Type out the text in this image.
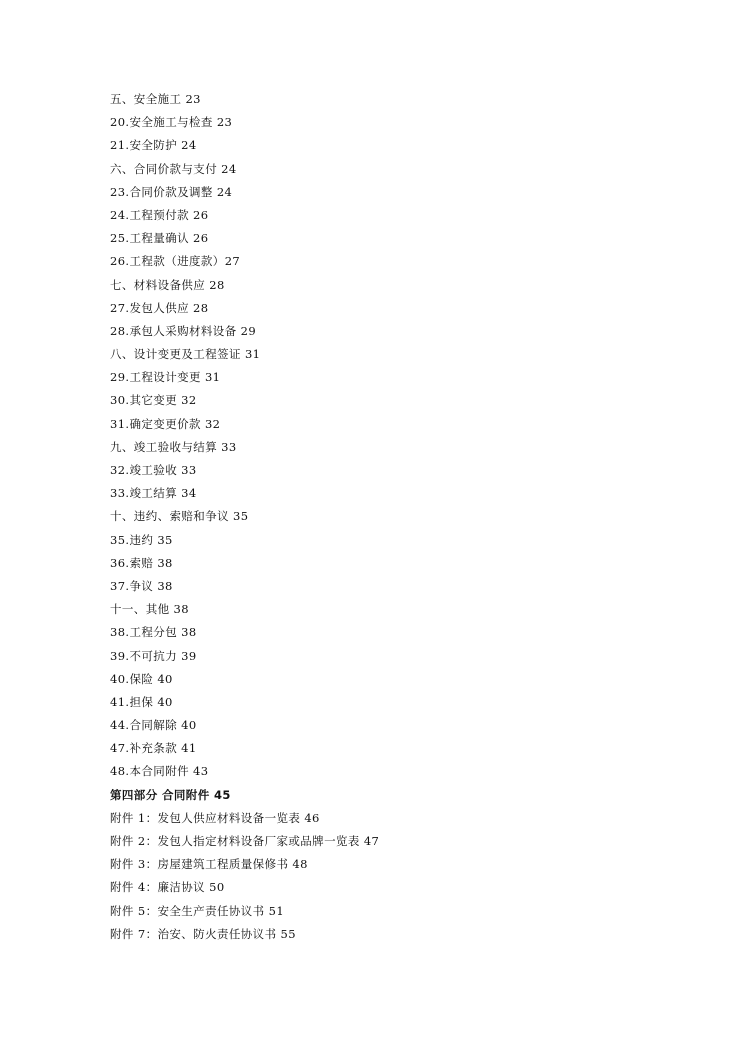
五、安全施工 23
20.安全施工与检查 23
21.安全防护 24
六、合同价款与支付 24
23.合同价款及调整 24
24.工程预付款 26
25.工程量确认 26
26.工程款（进度款）27
七、材料设备供应 28
27.发包人供应 28
28.承包人采购材料设备 29
八、设计变更及工程签证 31
29.工程设计变更 31
30.其它变更 32
31.确定变更价款 32
九、竣工验收与结算 33
32.竣工验收 33
33.竣工结算 34
十、违约、索赔和争议 35
35.违约 35
36.索赔 38
37.争议 38
十一、其他 38
38.工程分包 38
39.不可抗力 39
40.保险 40
41.担保 40
44.合同解除 40
47.补充条款 41
48.本合同附件 43
第四部分 合同附件 45
附件 1：发包人供应材料设备一览表 46
附件 2：发包人指定材料设备厂家或品牌一览表 47
附件 3：房屋建筑工程质量保修书 48
附件 4：廉洁协议 50
附件 5：安全生产责任协议书 51
附件 7：治安、防火责任协议书 55
